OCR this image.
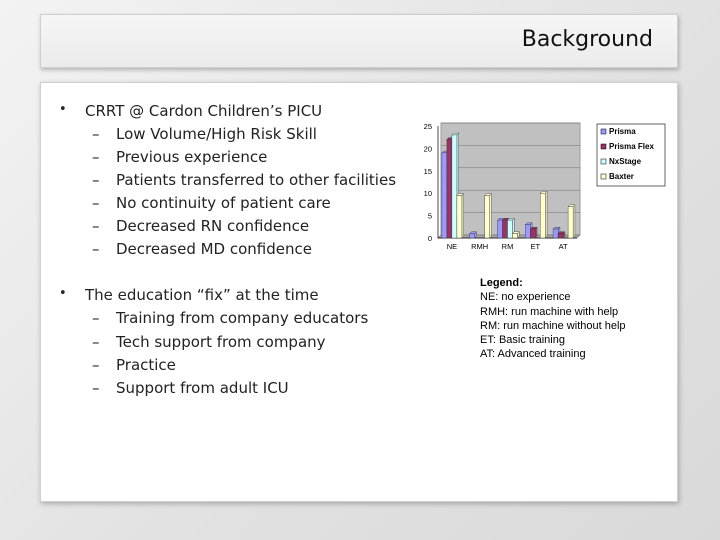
Background
• CRRT @ Cardon Children’s PICU
– Low Volume/High Risk Skill
– Previous experience
– Patients transferred to other facilities
– No continuity of patient care
– Decreased RN confidence
– Decreased MD confidence
• The education “fix” at the time
– Training from company educators
– Tech support from company
– Practice
– Support from adult ICU
0
5
10
15
20
25
NE RMH RM ET AT
Prisma
Prisma Flex
NxStage
Baxter
Legend:
NE: no experience
RMH: run machine with help
RM: run machine without help
ET: Basic training
AT: Advanced training
